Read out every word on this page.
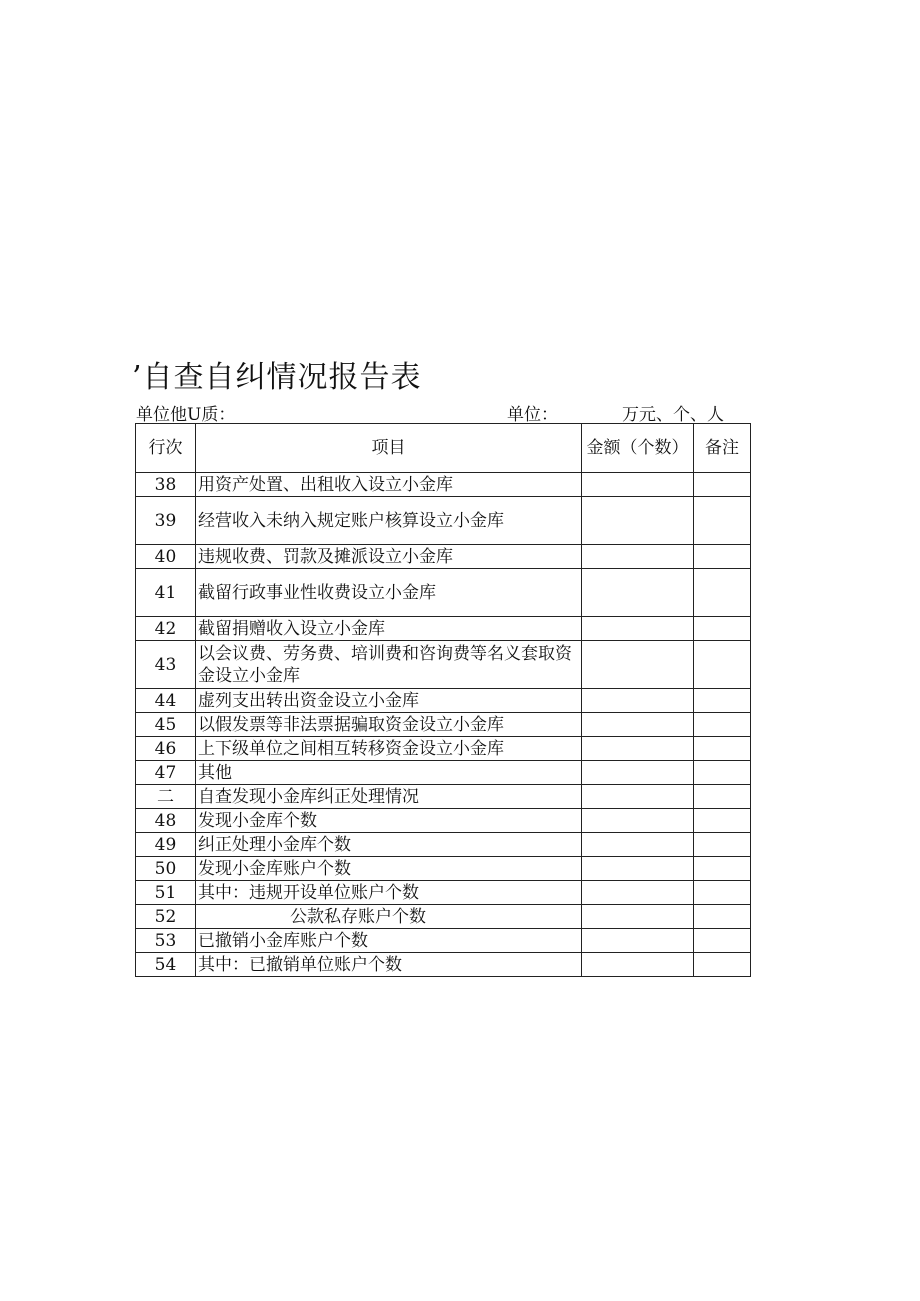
’自查自纠情况报告表
单位他U质：	单位：	万元、个、人
行次	项目	金额（个数）	备注
38	用资产处置、出租收入设立小金库		
39	经营收入未纳入规定账户核算设立小金库		
40	违规收费、罚款及摊派设立小金库		
41	截留行政事业性收费设立小金库		
42	截留捐赠收入设立小金库		
43	以会议费、劳务费、培训费和咨询费等名义套取资金设立小金库		
44	虚列支出转出资金设立小金库		
45	以假发票等非法票据骗取资金设立小金库		
46	上下级单位之间相互转移资金设立小金库		
47	其他		
二	自查发现小金库纠正处理情况		
48	发现小金库个数		
49	纠正处理小金库个数		
50	发现小金库账户个数		
51	其中：违规开设单位账户个数		
52	公款私存账户个数		
53	已撤销小金库账户个数		
54	其中：已撤销单位账户个数		
